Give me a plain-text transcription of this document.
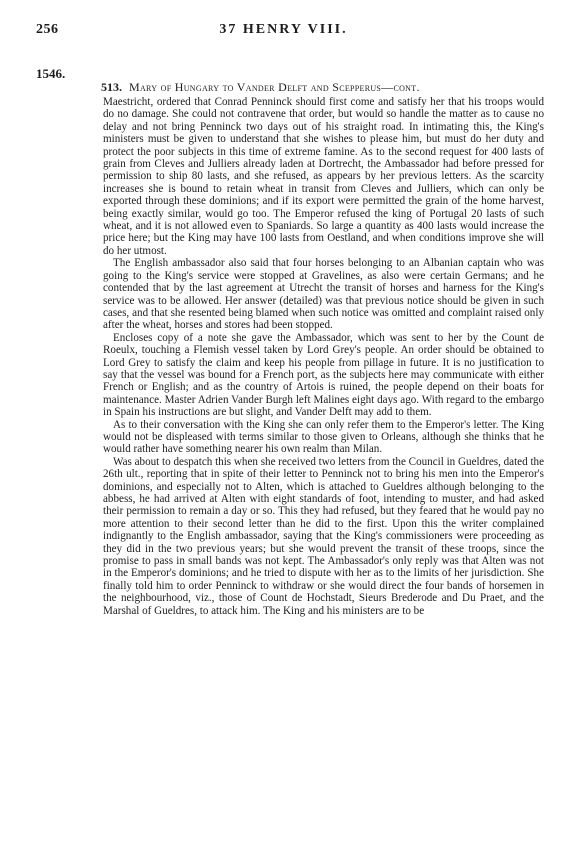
256	37 HENRY VIII.
1546.
513. Mary of Hungary to Vander Delft and Scepperus—cont.

Maestricht, ordered that Conrad Penninck should first come and satisfy her that his troops would do no damage. She could not contravene that order, but would so handle the matter as to cause no delay and not bring Penninck two days out of his straight road. In intimating this, the King's ministers must be given to understand that she wishes to please him, but must do her duty and protect the poor subjects in this time of extreme famine. As to the second request for 400 lasts of grain from Cleves and Julliers already laden at Dortrecht, the Ambassador had before pressed for permission to ship 80 lasts, and she refused, as appears by her previous letters. As the scarcity increases she is bound to retain wheat in transit from Cleves and Julliers, which can only be exported through these dominions; and if its export were permitted the grain of the home harvest, being exactly similar, would go too. The Emperor refused the king of Portugal 20 lasts of such wheat, and it is not allowed even to Spaniards. So large a quantity as 400 lasts would increase the price here; but the King may have 100 lasts from Oestland, and when conditions improve she will do her utmost.

The English ambassador also said that four horses belonging to an Albanian captain who was going to the King's service were stopped at Gravelines, as also were certain Germans; and he contended that by the last agreement at Utrecht the transit of horses and harness for the King's service was to be allowed. Her answer (detailed) was that previous notice should be given in such cases, and that she resented being blamed when such notice was omitted and complaint raised only after the wheat, horses and stores had been stopped.

Encloses copy of a note she gave the Ambassador, which was sent to her by the Count de Roeulx, touching a Flemish vessel taken by Lord Grey's people. An order should be obtained to Lord Grey to satisfy the claim and keep his people from pillage in future. It is no justification to say that the vessel was bound for a French port, as the subjects here may communicate with either French or English; and as the country of Artois is ruined, the people depend on their boats for maintenance. Master Adrien Vander Burgh left Malines eight days ago. With regard to the embargo in Spain his instructions are but slight, and Vander Delft may add to them.

As to their conversation with the King she can only refer them to the Emperor's letter. The King would not be displeased with terms similar to those given to Orleans, although she thinks that he would rather have something nearer his own realm than Milan.

Was about to despatch this when she received two letters from the Council in Gueldres, dated the 26th ult., reporting that in spite of their letter to Penninck not to bring his men into the Emperor's dominions, and especially not to Alten, which is attached to Gueldres although belonging to the abbess, he had arrived at Alten with eight standards of foot, intending to muster, and had asked their permission to remain a day or so. This they had refused, but they feared that he would pay no more attention to their second letter than he did to the first. Upon this the writer complained indignantly to the English ambassador, saying that the King's commissioners were proceeding as they did in the two previous years; but she would prevent the transit of these troops, since the promise to pass in small bands was not kept. The Ambassador's only reply was that Alten was not in the Emperor's dominions; and he tried to dispute with her as to the limits of her jurisdiction. She finally told him to order Penninck to withdraw or she would direct the four bands of horsemen in the neighbourhood, viz., those of Count de Hochstadt, Sieurs Brederode and Du Praet, and the Marshal of Gueldres, to attack him. The King and his ministers are to be
